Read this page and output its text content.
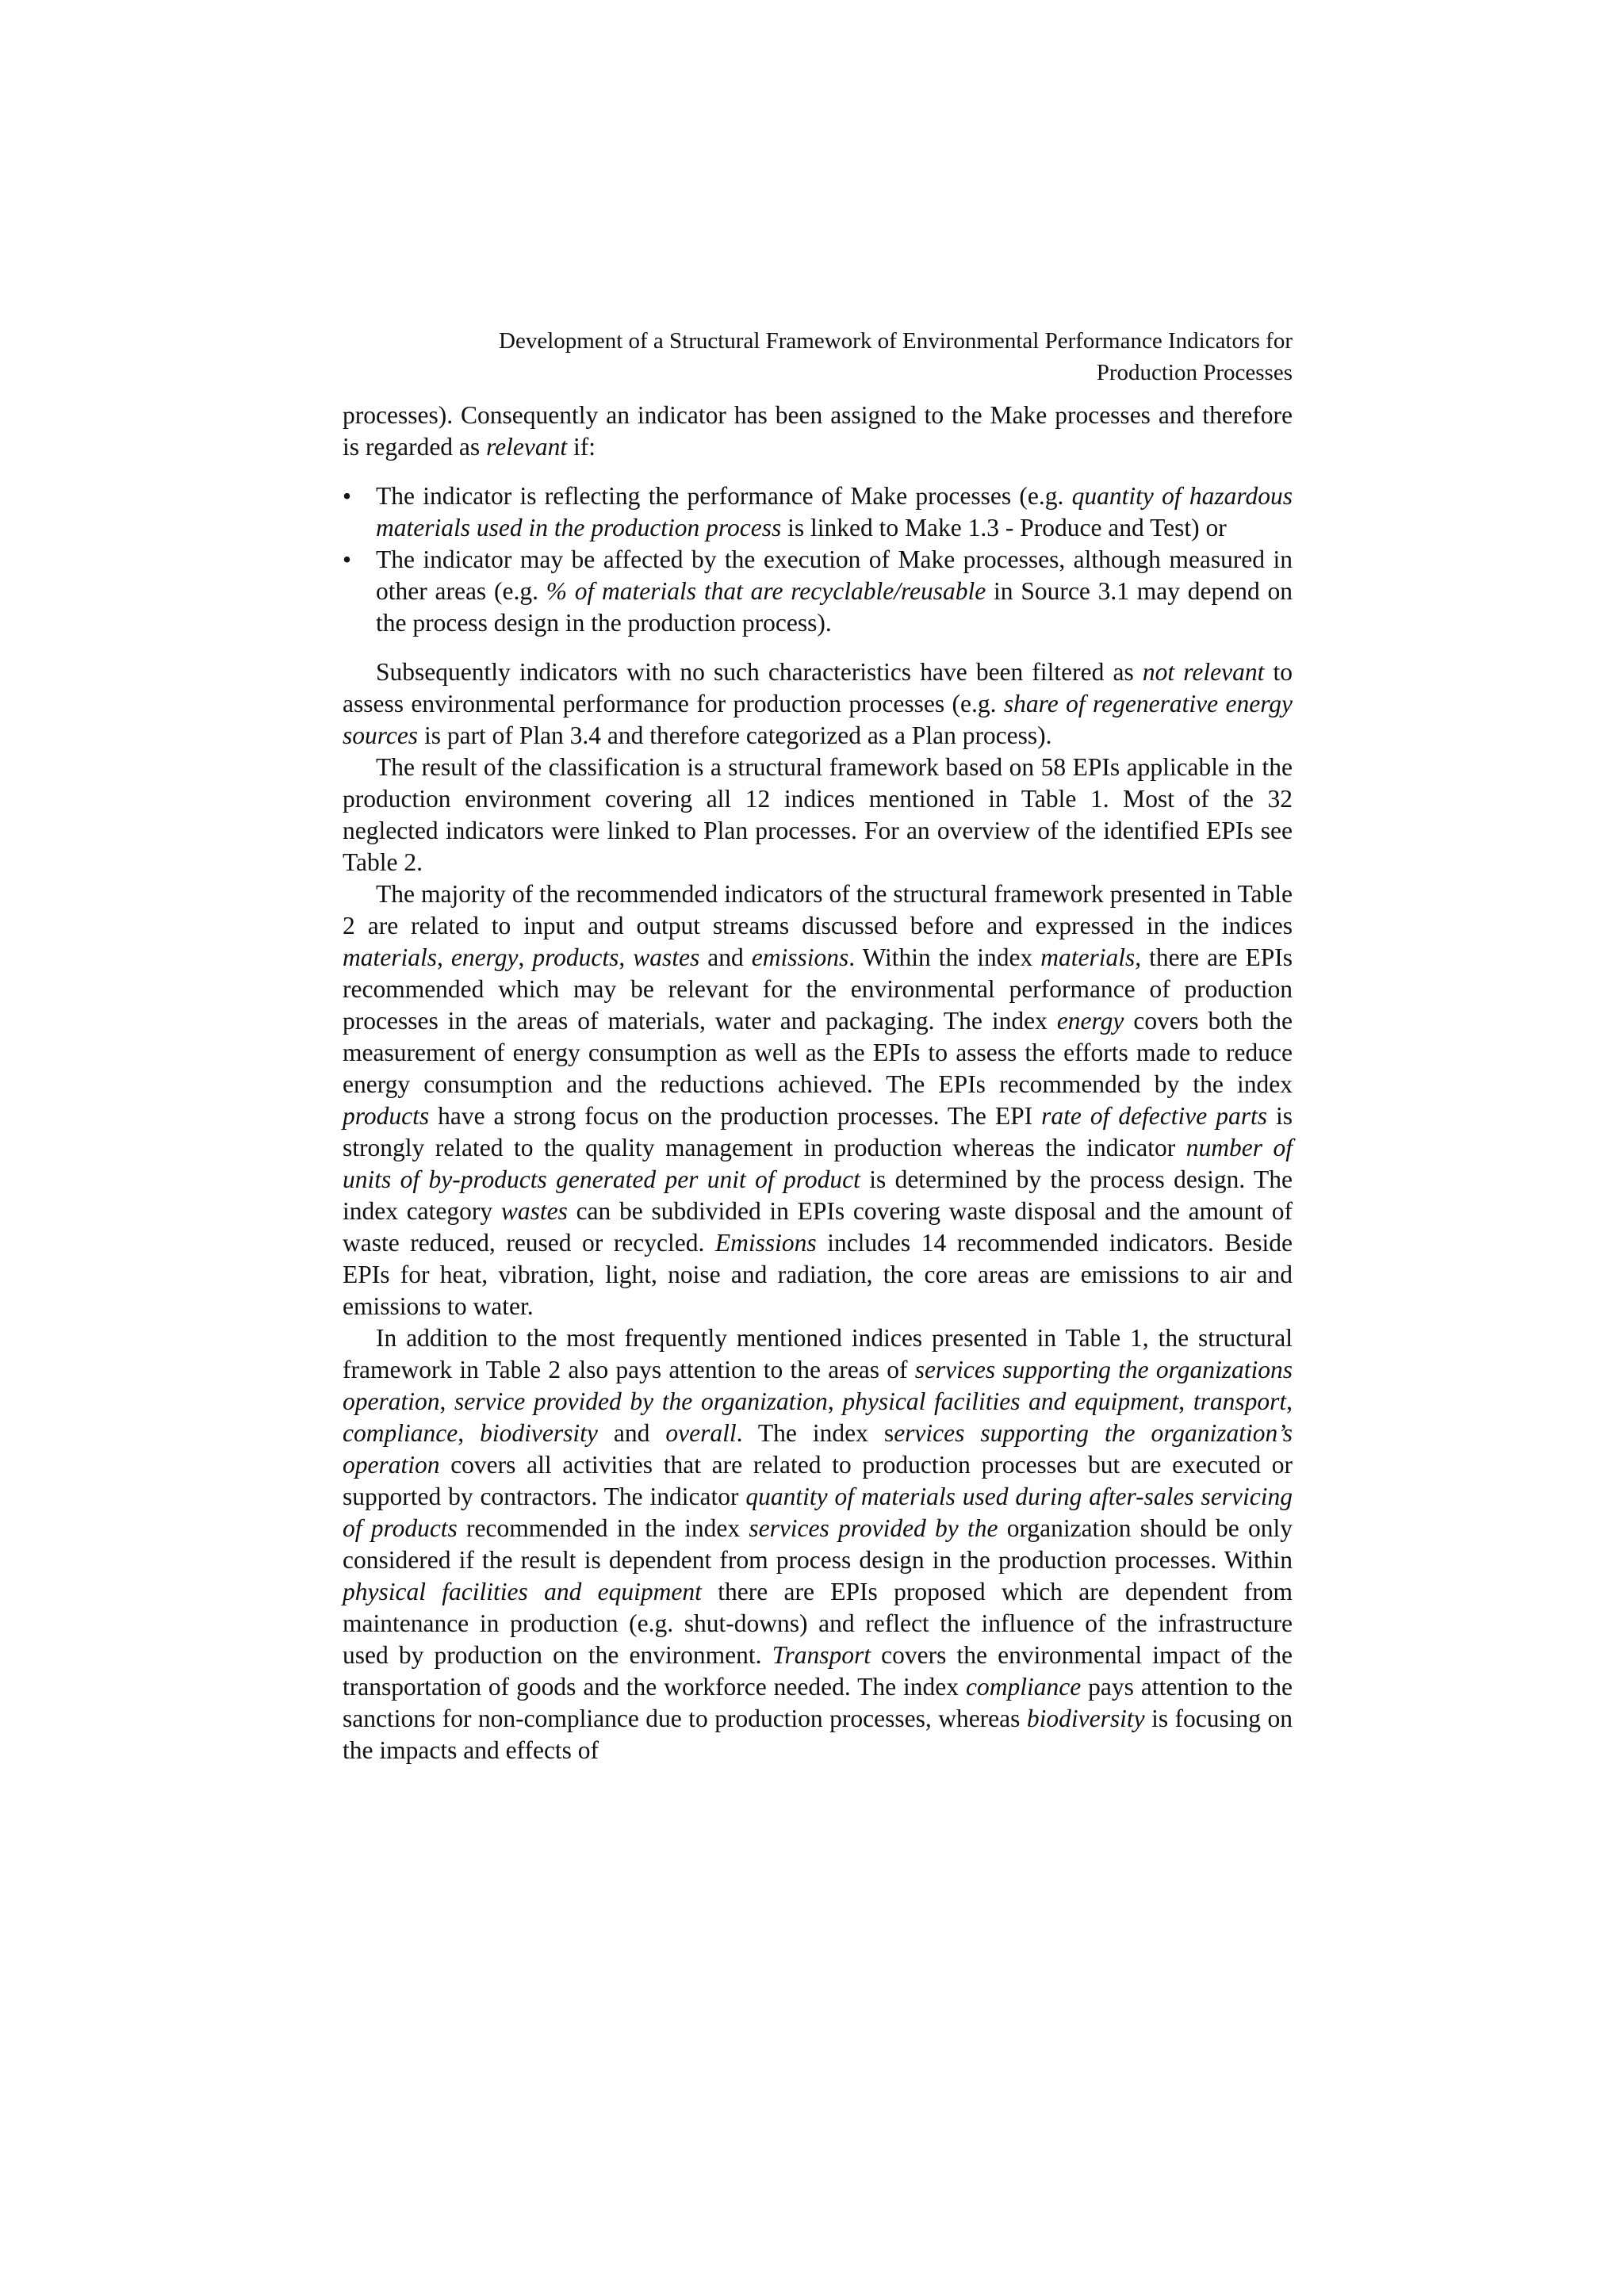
Development of a Structural Framework of Environmental Performance Indicators for
Production Processes

processes). Consequently an indicator has been assigned to the Make processes and therefore is regarded as relevant if:

• The indicator is reflecting the performance of Make processes (e.g. quantity of hazardous materials used in the production process is linked to Make 1.3 - Produce and Test) or
• The indicator may be affected by the execution of Make processes, although measured in other areas (e.g. % of materials that are recyclable/reusable in Source 3.1 may depend on the process design in the production process).

Subsequently indicators with no such characteristics have been filtered as not relevant to assess environmental performance for production processes (e.g. share of regenerative energy sources is part of Plan 3.4 and therefore categorized as a Plan process).

The result of the classification is a structural framework based on 58 EPIs applicable in the production environment covering all 12 indices mentioned in Table 1. Most of the 32 neglected indicators were linked to Plan processes. For an overview of the identified EPIs see Table 2.

The majority of the recommended indicators of the structural framework presented in Table 2 are related to input and output streams discussed before and expressed in the indices materials, energy, products, wastes and emissions. Within the index materials, there are EPIs recommended which may be relevant for the environmental performance of production processes in the areas of materials, water and packaging. The index energy covers both the measurement of energy consumption as well as the EPIs to assess the efforts made to reduce energy consumption and the reductions achieved. The EPIs recommended by the index products have a strong focus on the production processes. The EPI rate of defective parts is strongly related to the quality management in production whereas the indicator number of units of by-products generated per unit of product is determined by the process design. The index category wastes can be subdivided in EPIs covering waste disposal and the amount of waste reduced, reused or recycled. Emissions includes 14 recommended indicators. Beside EPIs for heat, vibration, light, noise and radiation, the core areas are emissions to air and emissions to water.

In addition to the most frequently mentioned indices presented in Table 1, the structural framework in Table 2 also pays attention to the areas of services supporting the organizations operation, service provided by the organization, physical facilities and equipment, transport, compliance, biodiversity and overall. The index services supporting the organization’s operation covers all activities that are related to production processes but are executed or supported by contractors. The indicator quantity of materials used during after-sales servicing of products recommended in the index services provided by the organization should be only considered if the result is dependent from process design in the production processes. Within physical facilities and equipment there are EPIs proposed which are dependent from maintenance in production (e.g. shut-downs) and reflect the influence of the infrastructure used by production on the environment. Transport covers the environmental impact of the transportation of goods and the workforce needed. The index compliance pays attention to the sanctions for non-compliance due to production processes, whereas biodiversity is focusing on the impacts and effects of
